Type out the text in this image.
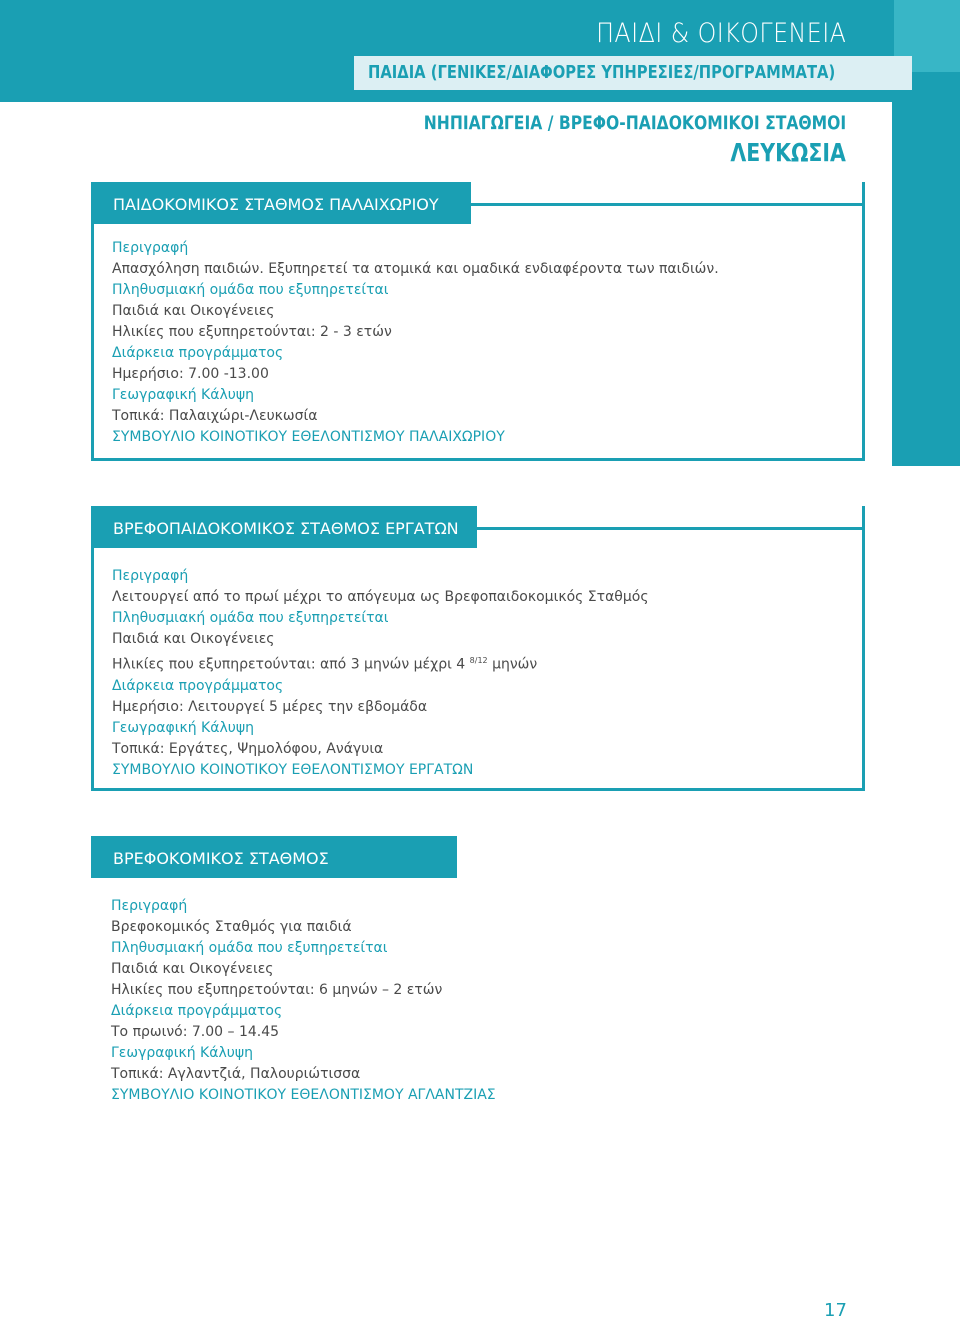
ΠΑΙΔΙ & ΟΙΚΟΓΕΝΕΙΑ
ΠΑΙΔΙΑ (ΓΕΝΙΚΕΣ/ΔΙΑΦΟΡΕΣ ΥΠΗΡΕΣΙΕΣ/ΠΡΟΓΡΑΜΜΑΤΑ)
ΝΗΠΙΑΓΩΓΕΙΑ / ΒΡΕΦΟ-ΠΑΙΔΟΚΟΜΙΚΟΙ ΣΤΑΘΜΟΙ
ΛΕΥΚΩΣΙΑ
ΠΑΙΔΟΚΟΜΙΚΟΣ ΣΤΑΘΜΟΣ ΠΑΛΑΙΧΩΡΙΟΥ
Περιγραφή
Απασχόληση παιδιών. Εξυπηρετεί τα ατομικά και ομαδικά ενδιαφέροντα των παιδιών.
Πληθυσμιακή ομάδα που εξυπηρετείται
Παιδιά και Οικογένειες
Ηλικίες που εξυπηρετούνται: 2 - 3 ετών
Διάρκεια προγράμματος
Ημερήσιο: 7.00 -13.00
Γεωγραφική Κάλυψη
Τοπικά: Παλαιχώρι-Λευκωσία
ΣΥΜΒΟΥΛΙΟ ΚΟΙΝΟΤΙΚΟΥ ΕΘΕΛΟΝΤΙΣΜΟΥ ΠΑΛΑΙΧΩΡΙΟΥ
ΒΡΕΦΟΠΑΙΔΟΚΟΜΙΚΟΣ ΣΤΑΘΜΟΣ ΕΡΓΑΤΩΝ
Περιγραφή
Λειτουργεί από το πρωί μέχρι το απόγευμα ως Βρεφοπαιδοκομικός Σταθμός
Πληθυσμιακή ομάδα που εξυπηρετείται
Παιδιά και Οικογένειες
Ηλικίες που εξυπηρετούνται: από 3 μηνών μέχρι 4 $^{8/12}$ μηνών
Διάρκεια προγράμματος
Ημερήσιο: Λειτουργεί 5 μέρες την εβδομάδα
Γεωγραφική Κάλυψη
Τοπικά: Εργάτες, Ψημολόφου, Ανάγυια
ΣΥΜΒΟΥΛΙΟ ΚΟΙΝΟΤΙΚΟΥ ΕΘΕΛΟΝΤΙΣΜΟΥ ΕΡΓΑΤΩΝ
ΒΡΕΦΟΚΟΜΙΚΟΣ ΣΤΑΘΜΟΣ
Περιγραφή
Βρεφοκομικός Σταθμός για παιδιά
Πληθυσμιακή ομάδα που εξυπηρετείται
Παιδιά και Οικογένειες
Ηλικίες που εξυπηρετούνται: 6 μηνών – 2 ετών
Διάρκεια προγράμματος
Το πρωινό: 7.00 – 14.45
Γεωγραφική Κάλυψη
Τοπικά: Αγλαντζιά, Παλουριώτισσα
ΣΥΜΒΟΥΛΙΟ ΚΟΙΝΟΤΙΚΟΥ ΕΘΕΛΟΝΤΙΣΜΟΥ ΑΓΛΑΝΤΖΙΑΣ
17
